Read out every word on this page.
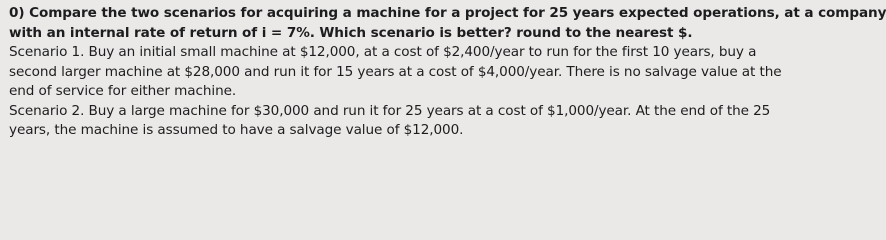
0) Compare the two scenarios for acquiring a machine for a project for 25 years expected operations, at a company
with an internal rate of return of i = 7%. Which scenario is better? round to the nearest $.
Scenario 1. Buy an initial small machine at $12,000, at a cost of $2,400/year to run for the first 10 years, buy a
second larger machine at $28,000 and run it for 15 years at a cost of $4,000/year. There is no salvage value at the
end of service for either machine.
Scenario 2. Buy a large machine for $30,000 and run it for 25 years at a cost of $1,000/year. At the end of the 25
years, the machine is assumed to have a salvage value of $12,000.
